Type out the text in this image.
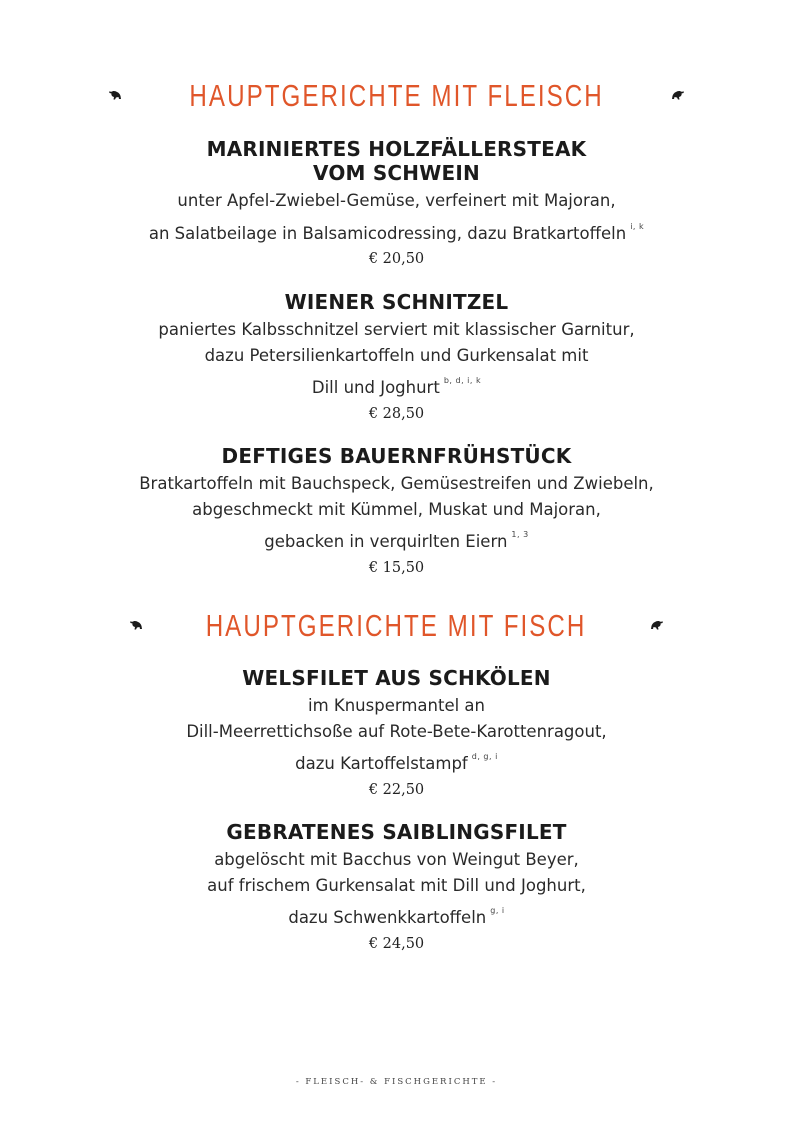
HAUPTGERICHTE MIT FLEISCH
MARINIERTES HOLZFÄLLERSTEAK
VOM SCHWEIN
unter Apfel-Zwiebel-Gemüse, verfeinert mit Majoran,
an Salatbeilage in Balsamicodressing, dazu Bratkartoffeln $^{i, k}$
€ 20,50
WIENER SCHNITZEL
paniertes Kalbsschnitzel serviert mit klassischer Garnitur,
dazu Petersilienkartoffeln und Gurkensalat mit
Dill und Joghurt $^{b, d, i, k}$
€ 28,50
DEFTIGES BAUERNFRÜHSTÜCK
Bratkartoffeln mit Bauchspeck, Gemüsestreifen und Zwiebeln,
abgeschmeckt mit Kümmel, Muskat und Majoran,
gebacken in verquirlten Eiern $^{1, 3}$
€ 15,50
HAUPTGERICHTE MIT FISCH
WELSFILET AUS SCHKÖLEN
im Knuspermantel an
Dill-Meerrettichsoße auf Rote-Bete-Karottenragout,
dazu Kartoffelstampf $^{d, g, i}$
€ 22,50
GEBRATENES SAIBLINGSFILET
abgelöscht mit Bacchus von Weingut Beyer,
auf frischem Gurkensalat mit Dill und Joghurt,
dazu Schwenkkartoffeln $^{g, i}$
€ 24,50
- FLEISCH- & FISCHGERICHTE -
